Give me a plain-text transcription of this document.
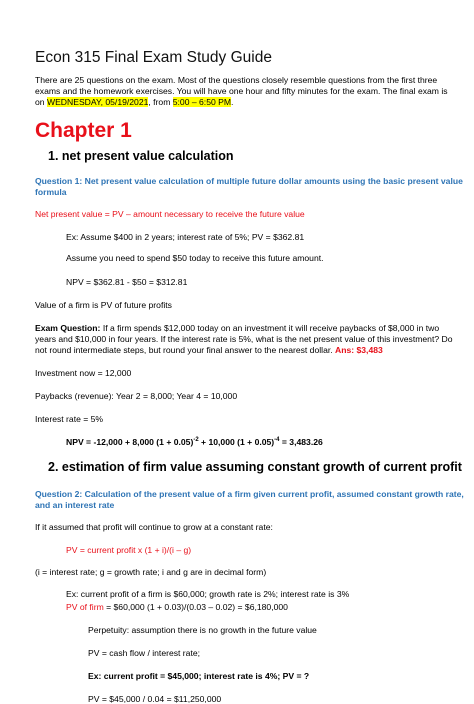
Econ 315 Final Exam Study Guide
There are 25 questions on the exam. Most of the questions closely resemble questions from the first three
exams and the homework exercises. You will have one hour and fifty minutes for the exam. The final exam is
on WEDNESDAY, 05/19/2021, from 5:00 – 6:50 PM.
Chapter 1
1. net present value calculation
Question 1: Net present value calculation of multiple future dollar amounts using the basic present value
formula
Net present value = PV – amount necessary to receive the future value
Ex: Assume $400 in 2 years; interest rate of 5%; PV = $362.81
Assume you need to spend $50 today to receive this future amount.
NPV = $362.81 - $50 = $312.81
Value of a firm is PV of future profits
Exam Question: If a firm spends $12,000 today on an investment it will receive paybacks of $8,000 in two
years and $10,000 in four years. If the interest rate is 5%, what is the net present value of this investment? Do
not round intermediate steps, but round your final answer to the nearest dollar. Ans: $3,483
Investment now = 12,000
Paybacks (revenue): Year 2 = 8,000; Year 4 = 10,000
Interest rate = 5%
NPV = -12,000 + 8,000 $(1 + 0.05)^{-2} + 10,000$ $(1 + 0.05)^{-4} = 3,483.26$
2. estimation of firm value assuming constant growth of current profit
Question 2: Calculation of the present value of a firm given current profit, assumed constant growth rate,
and an interest rate
If it assumed that profit will continue to grow at a constant rate:
PV = current profit x (1 + i)/(i – g)
(i = interest rate; g = growth rate; i and g are in decimal form)
Ex: current profit of a firm is $60,000; growth rate is 2%; interest rate is 3%
PV of firm = $60,000 (1 + 0.03)/(0.03 – 0.02) = $6,180,000
Perpetuity: assumption there is no growth in the future value
PV = cash flow / interest rate;
Ex: current profit = $45,000; interest rate is 4%; PV = ?
PV = $45,000 / 0.04 = $11,250,000
